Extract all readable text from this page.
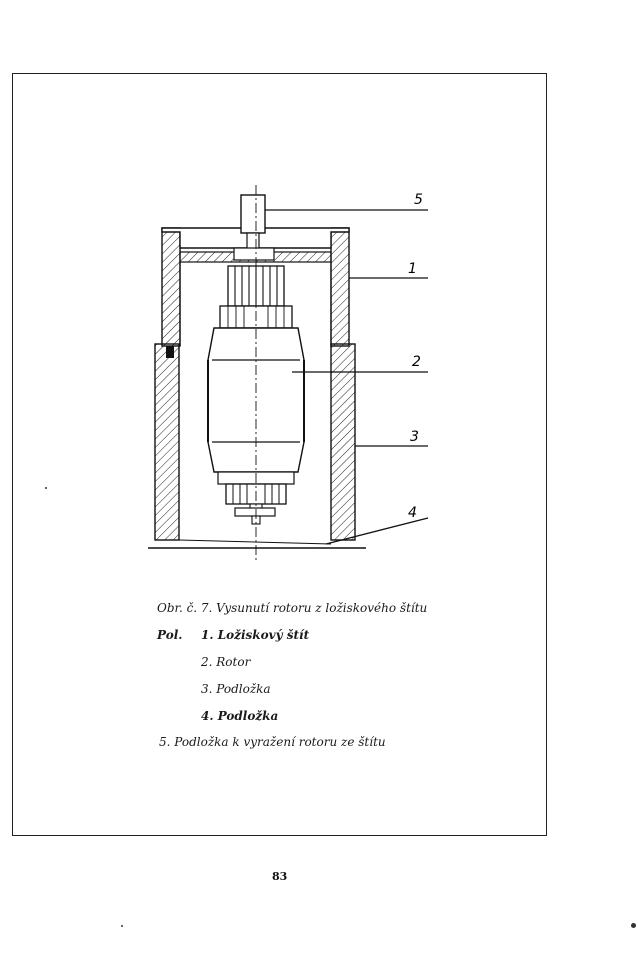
5
1
2
3
4
Obr. č. 7. Vysunutí rotoru z ložiskového štítu
Pol. 1. Ložiskový štít
2. Rotor
3. Podložka
4. Podložka
5. Podložka k vyražení rotoru ze štítu
83
